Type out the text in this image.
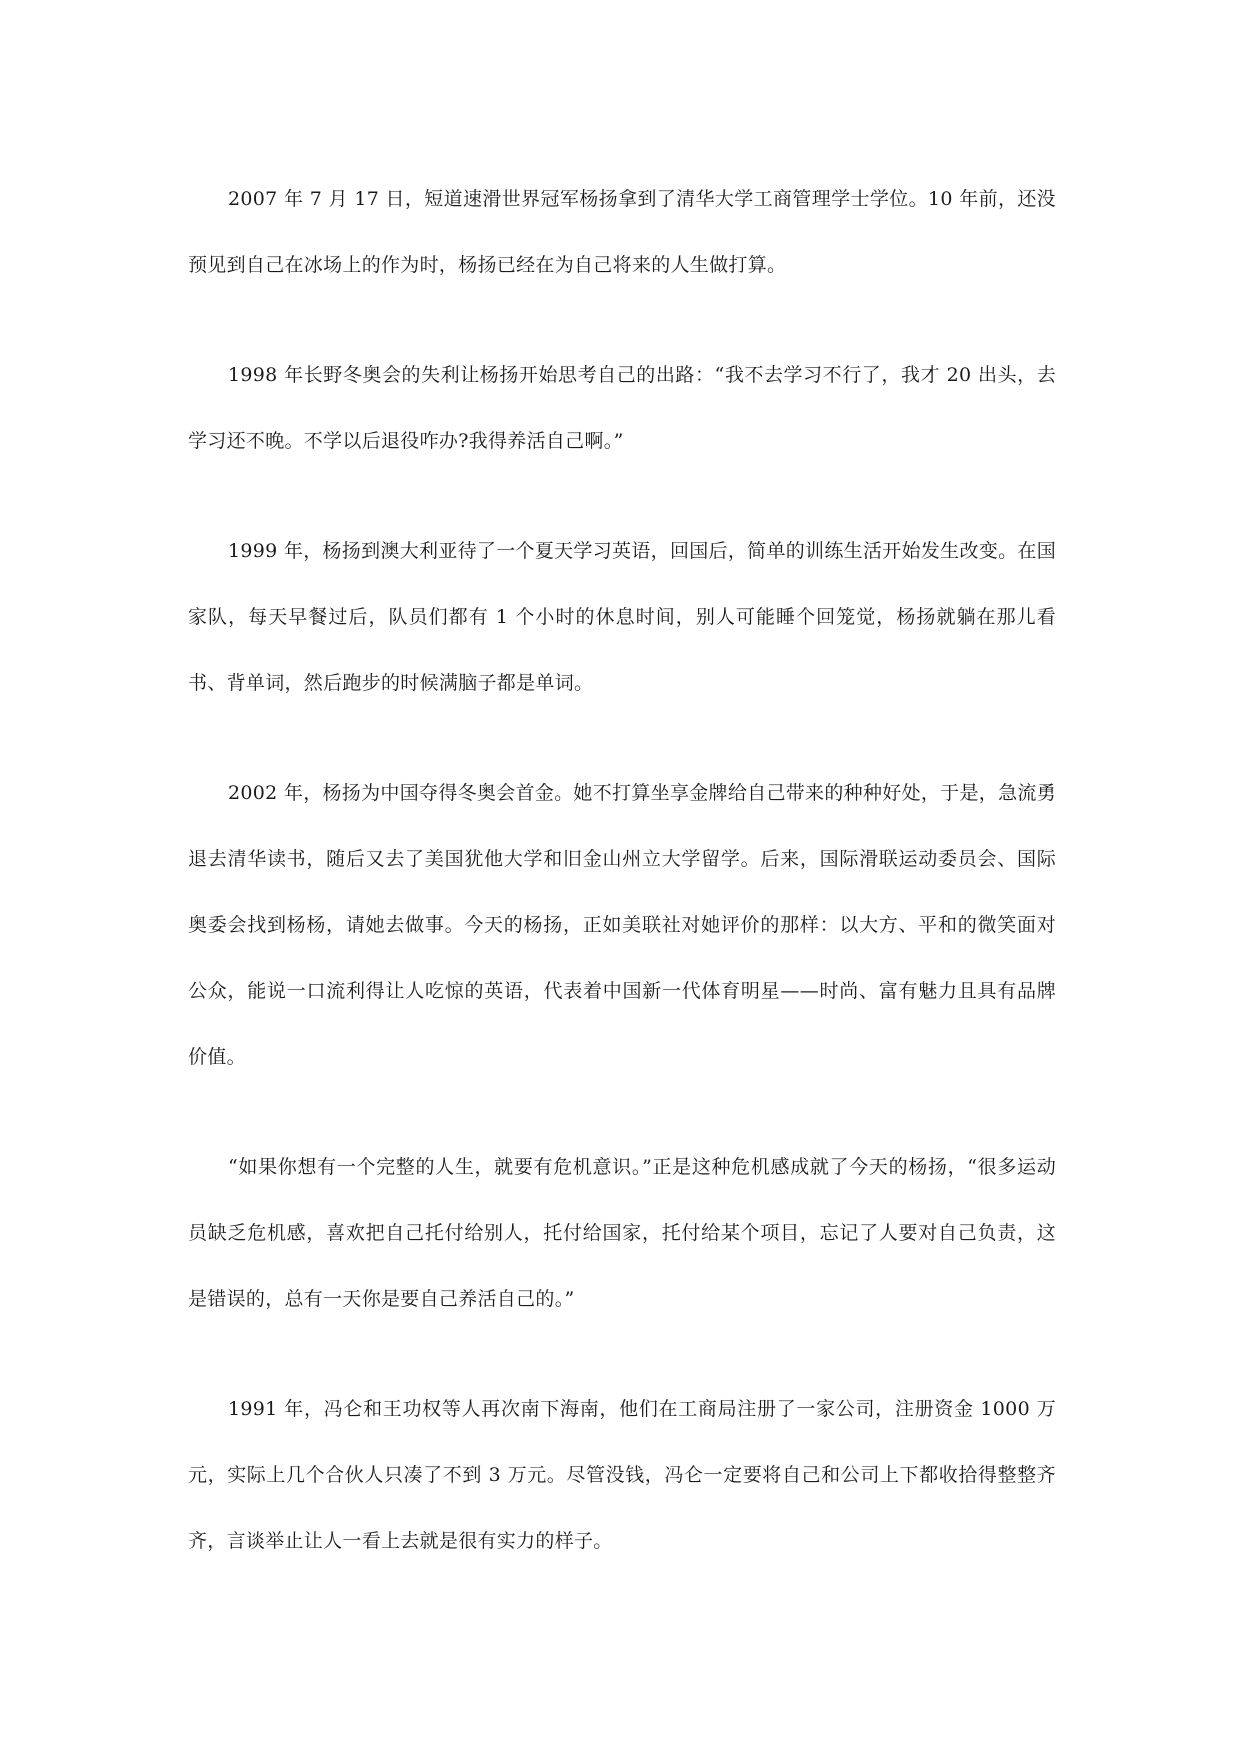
2007 年 7 月 17 日，短道速滑世界冠军杨扬拿到了清华大学工商管理学士学位。10 年前，还没预见到自己在冰场上的作为时，杨扬已经在为自己将来的人生做打算。

1998 年长野冬奥会的失利让杨扬开始思考自己的出路：“我不去学习不行了，我才 20 出头，去学习还不晚。不学以后退役咋办?我得养活自己啊。”

1999 年，杨扬到澳大利亚待了一个夏天学习英语，回国后，简单的训练生活开始发生改变。在国家队，每天早餐过后，队员们都有 1 个小时的休息时间，别人可能睡个回笼觉，杨扬就躺在那儿看书、背单词，然后跑步的时候满脑子都是单词。

2002 年，杨扬为中国夺得冬奥会首金。她不打算坐享金牌给自己带来的种种好处，于是，急流勇退去清华读书，随后又去了美国犹他大学和旧金山州立大学留学。后来，国际滑联运动委员会、国际奥委会找到杨杨，请她去做事。今天的杨扬，正如美联社对她评价的那样：以大方、平和的微笑面对公众，能说一口流利得让人吃惊的英语，代表着中国新一代体育明星——时尚、富有魅力且具有品牌价值。

“如果你想有一个完整的人生，就要有危机意识。”正是这种危机感成就了今天的杨扬，“很多运动员缺乏危机感，喜欢把自己托付给别人，托付给国家，托付给某个项目，忘记了人要对自己负责，这是错误的，总有一天你是要自己养活自己的。”

1991 年，冯仑和王功权等人再次南下海南，他们在工商局注册了一家公司，注册资金 1000 万元，实际上几个合伙人只凑了不到 3 万元。尽管没钱，冯仑一定要将自己和公司上下都收拾得整整齐齐，言谈举止让人一看上去就是很有实力的样子。
